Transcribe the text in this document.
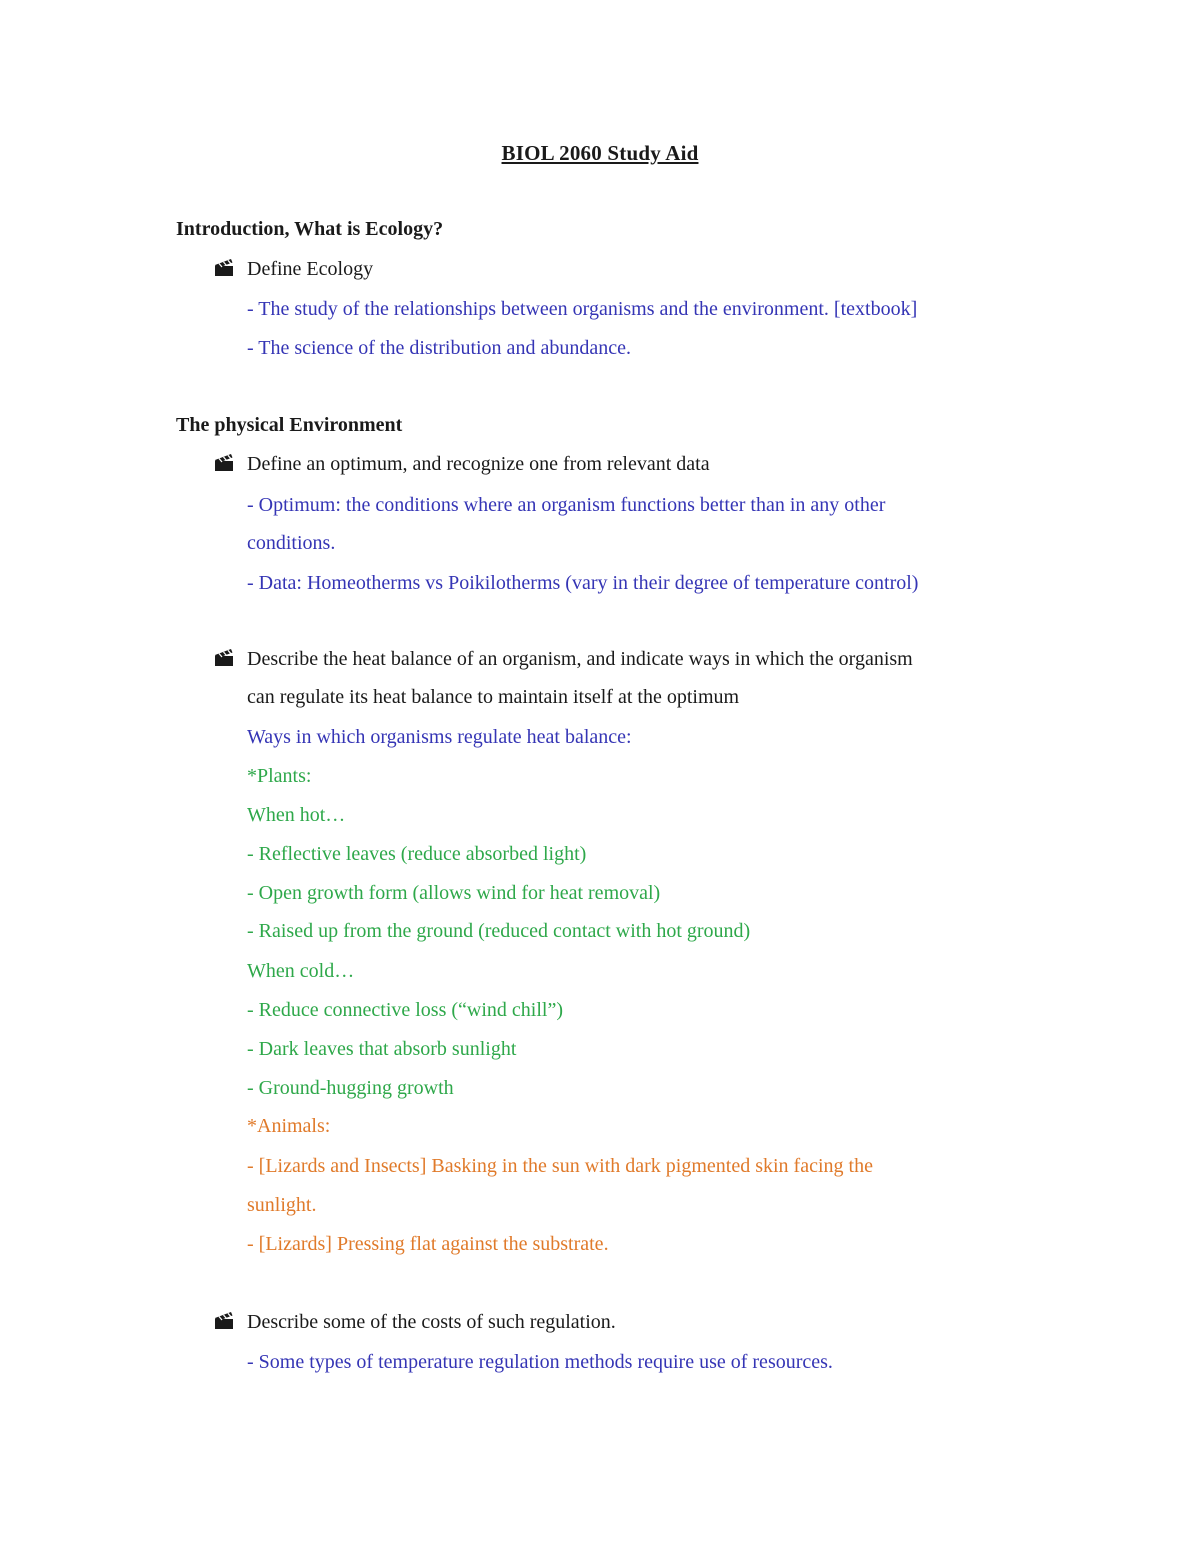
BIOL 2060 Study Aid
Introduction, What is Ecology?
Define Ecology
- The study of the relationships between organisms and the environment. [textbook]
- The science of the distribution and abundance.
The physical Environment
Define an optimum, and recognize one from relevant data
- Optimum: the conditions where an organism functions better than in any other
conditions.
- Data: Homeotherms vs Poikilotherms (vary in their degree of temperature control)
Describe the heat balance of an organism, and indicate ways in which the organism
can regulate its heat balance to maintain itself at the optimum
Ways in which organisms regulate heat balance:
*Plants:
When hot…
- Reflective leaves (reduce absorbed light)
- Open growth form (allows wind for heat removal)
- Raised up from the ground (reduced contact with hot ground)
When cold…
- Reduce connective loss (“wind chill”)
- Dark leaves that absorb sunlight
- Ground-hugging growth
*Animals:
- [Lizards and Insects] Basking in the sun with dark pigmented skin facing the
sunlight.
- [Lizards] Pressing flat against the substrate.
Describe some of the costs of such regulation.
- Some types of temperature regulation methods require use of resources.
